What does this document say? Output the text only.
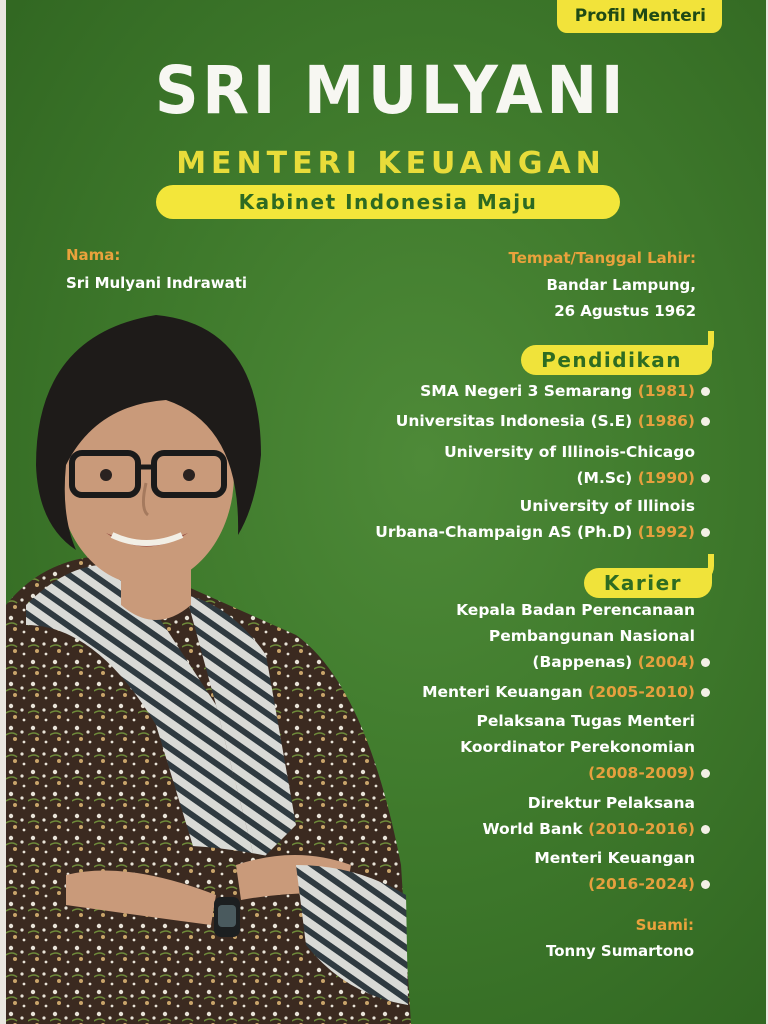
Profil Menteri
SRI MULYANI
MENTERI KEUANGAN
Kabinet Indonesia Maju
Nama:
Sri Mulyani Indrawati
Tempat/Tanggal Lahir:
Bandar Lampung,
26 Agustus 1962
Pendidikan
SMA Negeri 3 Semarang (1981)
Universitas Indonesia (S.E) (1986)
University of Illinois-Chicago
(M.Sc) (1990)
University of Illinois
Urbana-Champaign AS (Ph.D) (1992)
Karier
Kepala Badan Perencanaan
Pembangunan Nasional
(Bappenas) (2004)
Menteri Keuangan (2005-2010)
Pelaksana Tugas Menteri
Koordinator Perekonomian
(2008-2009)
Direktur Pelaksana
World Bank (2010-2016)
Menteri Keuangan
(2016-2024)
Suami:
Tonny Sumartono
